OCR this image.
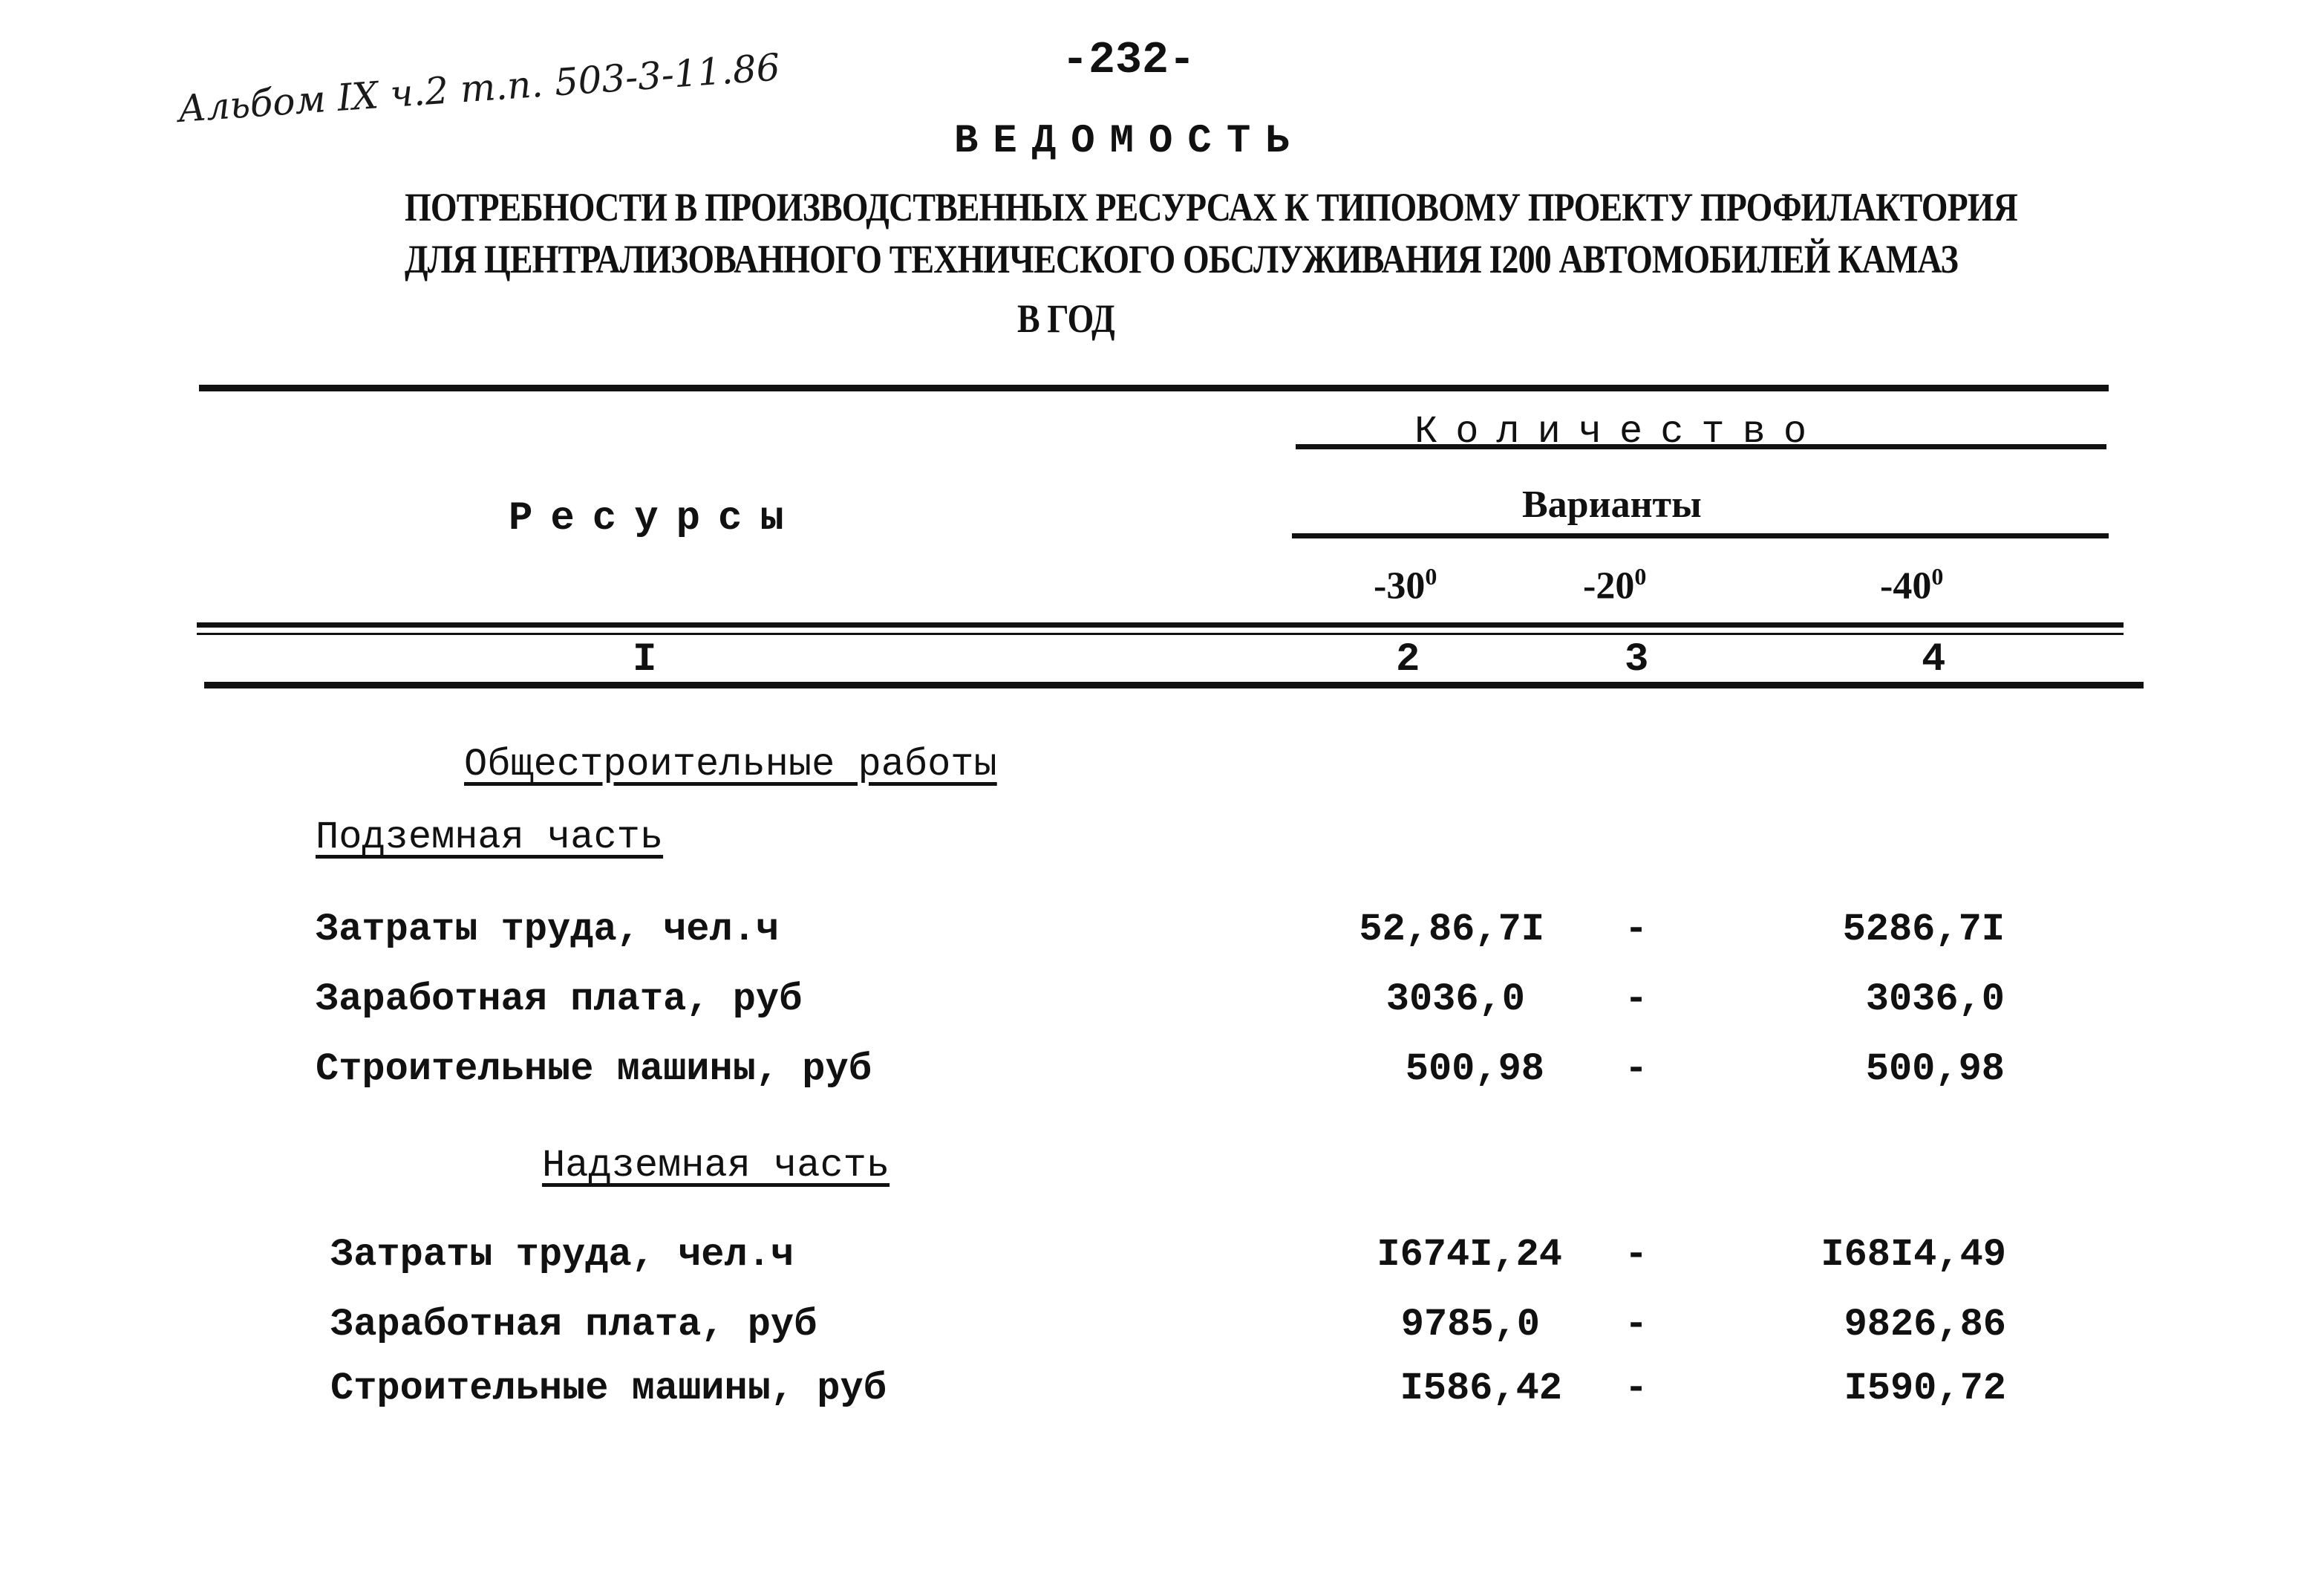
Альбом IX ч.2 т.п. 503-3-11.86	-232-
ВЕДОМОСТЬ
ПОТРЕБНОСТИ В ПРОИЗВОДСТВЕННЫХ РЕСУРСАХ К ТИПОВОМУ ПРОЕКТУ ПРОФИЛАКТОРИЯ
ДЛЯ ЦЕНТРАЛИЗОВАННОГО ТЕХНИЧЕСКОГО ОБСЛУЖИВАНИЯ I200 АВТОМОБИЛЕЙ КАМАЗ
В ГОД
Ресурсы
Количество
Варианты
$-30^0$	$-20^0$	$-40^0$
I	2	3	4
Общестроительные работы
Подземная часть
Затраты труда, чел.ч	52,86,7I -	5286,7I
Заработная плата, руб	3036,0	-	3036,0
Строительные машины, руб	500,98 -	500,98
Надземная часть
Затраты труда, чел.ч	I674I,24 -	I68I4,49
Заработная плата, руб	9785,0 -	9826,86
Строительные машины, руб	I586,42 -	I590,72
